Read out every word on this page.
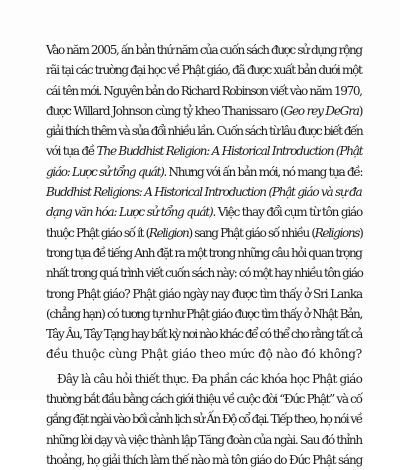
Vào năm 2005, ấn bản thứ năm của cuốn sách được sử dụng rộng
rãi tại các trường đại học về Phật giáo, đã được xuất bản dưới một
cái tên mới. Nguyên bản do Richard Robinson viết vào năm 1970,
được Willard Johnson cùng tỷ kheo Thanissaro (Geo rey DeGra)
giải thích thêm và sửa đổi nhiều lần. Cuốn sách từ lâu được biết đến
với tựa đề The Buddhist Religion: A Historical Introduction (Phật
giáo: Lược sử tổng quát). Nhưng với ấn bản mới, nó mang tựa đề:
Buddhist Religions: A Historical Introduction (Phật giáo và sự đa
dạng văn hóa: Lược sử tổng quát). Việc thay đổi cụm từ tôn giáo
thuộc Phật giáo số ít (Religion) sang Phật giáo số nhiều (Religions)
trong tựa đề tiếng Anh đặt ra một trong những câu hỏi quan trọng
nhất trong quá trình viết cuốn sách này: có một hay nhiều tôn giáo
trong Phật giáo? Phật giáo ngày nay được tìm thấy ở Sri Lanka
(chẳng hạn) có tương tự như Phật giáo được tìm thấy ở Nhật Bản,
Tây Âu, Tây Tạng hay bất kỳ nơi nào khác để có thể cho rằng tất cả
đều thuộc cùng Phật giáo theo mức độ nào đó không?
Đây là câu hỏi thiết thực. Đa phần các khóa học Phật giáo
thường bắt đầu bằng cách giới thiệu về cuộc đời “Đức Phật” và cố
gắng đặt ngài vào bối cảnh lịch sử Ấn Độ cổ đại. Tiếp theo, họ nói về
những lời dạy và việc thành lập Tăng đoàn của ngài. Sau đó thỉnh
thoảng, họ giải thích làm thế nào mà tôn giáo do Đức Phật sáng
